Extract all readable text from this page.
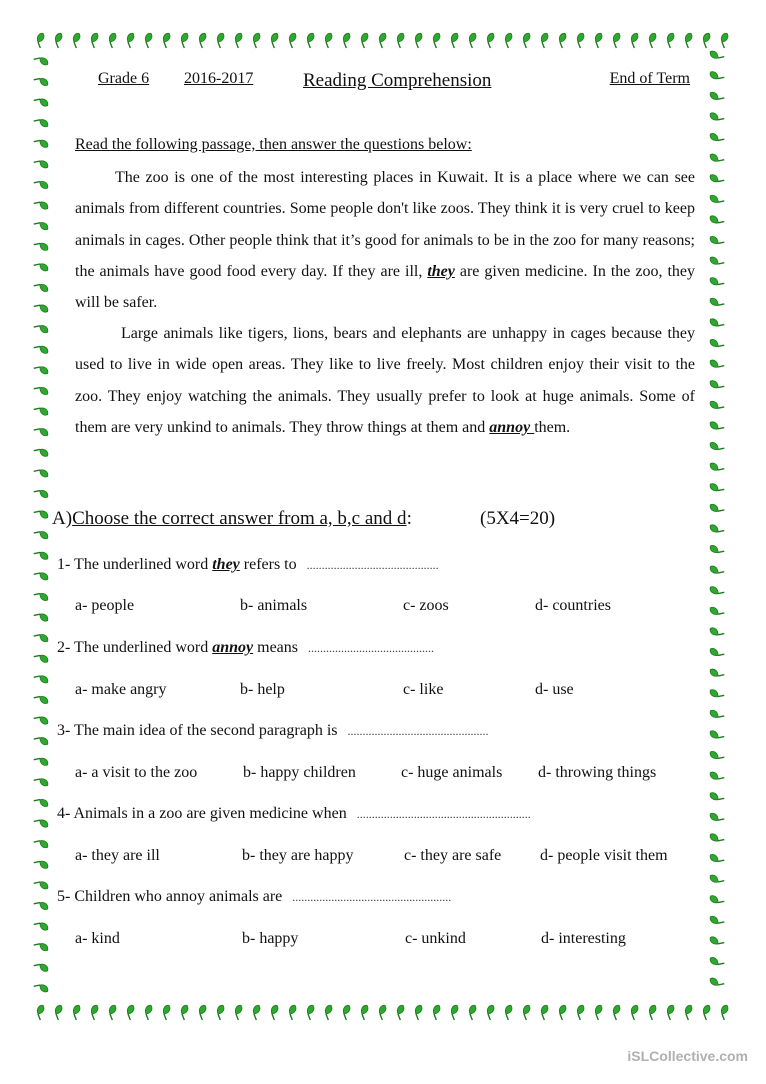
Grade 6 2016-2017	Reading Comprehension	End of Term
Read the following passage, then answer the questions below:
The zoo is one of the most interesting places in Kuwait. It is a place where we can see animals from different countries. Some people don't like zoos. They think it is very cruel to keep animals in cages. Other people think that it’s good for animals to be in the zoo for many reasons; the animals have good food every day. If they are ill, they are given medicine. In the zoo, they will be safer.
Large animals like tigers, lions, bears and elephants are unhappy in cages because they used to live in wide open areas. They like to live freely. Most children enjoy their visit to the zoo. They enjoy watching the animals. They usually prefer to look at huge animals. Some of them are very unkind to animals. They throw things at them and annoy them.
A)Choose the correct answer from a, b,c and d:	(5X4=20)
1- The underlined word they refers to ............................................
a- people	b- animals	c- zoos	d- countries
2- The underlined word annoy means ..........................................
a- make angry	b- help	c- like	d- use
3- The main idea of the second paragraph is ...............................................
a- a visit to the zoo	b- happy children	c- huge animals d- throwing things
4- Animals in a zoo are given medicine when ..........................................................
a- they are ill	b- they are happy	c- they are safe d- people visit them
5- Children who annoy animals are .....................................................
a- kind	b- happy	c- unkind	d- interesting
iSLCollective.com
